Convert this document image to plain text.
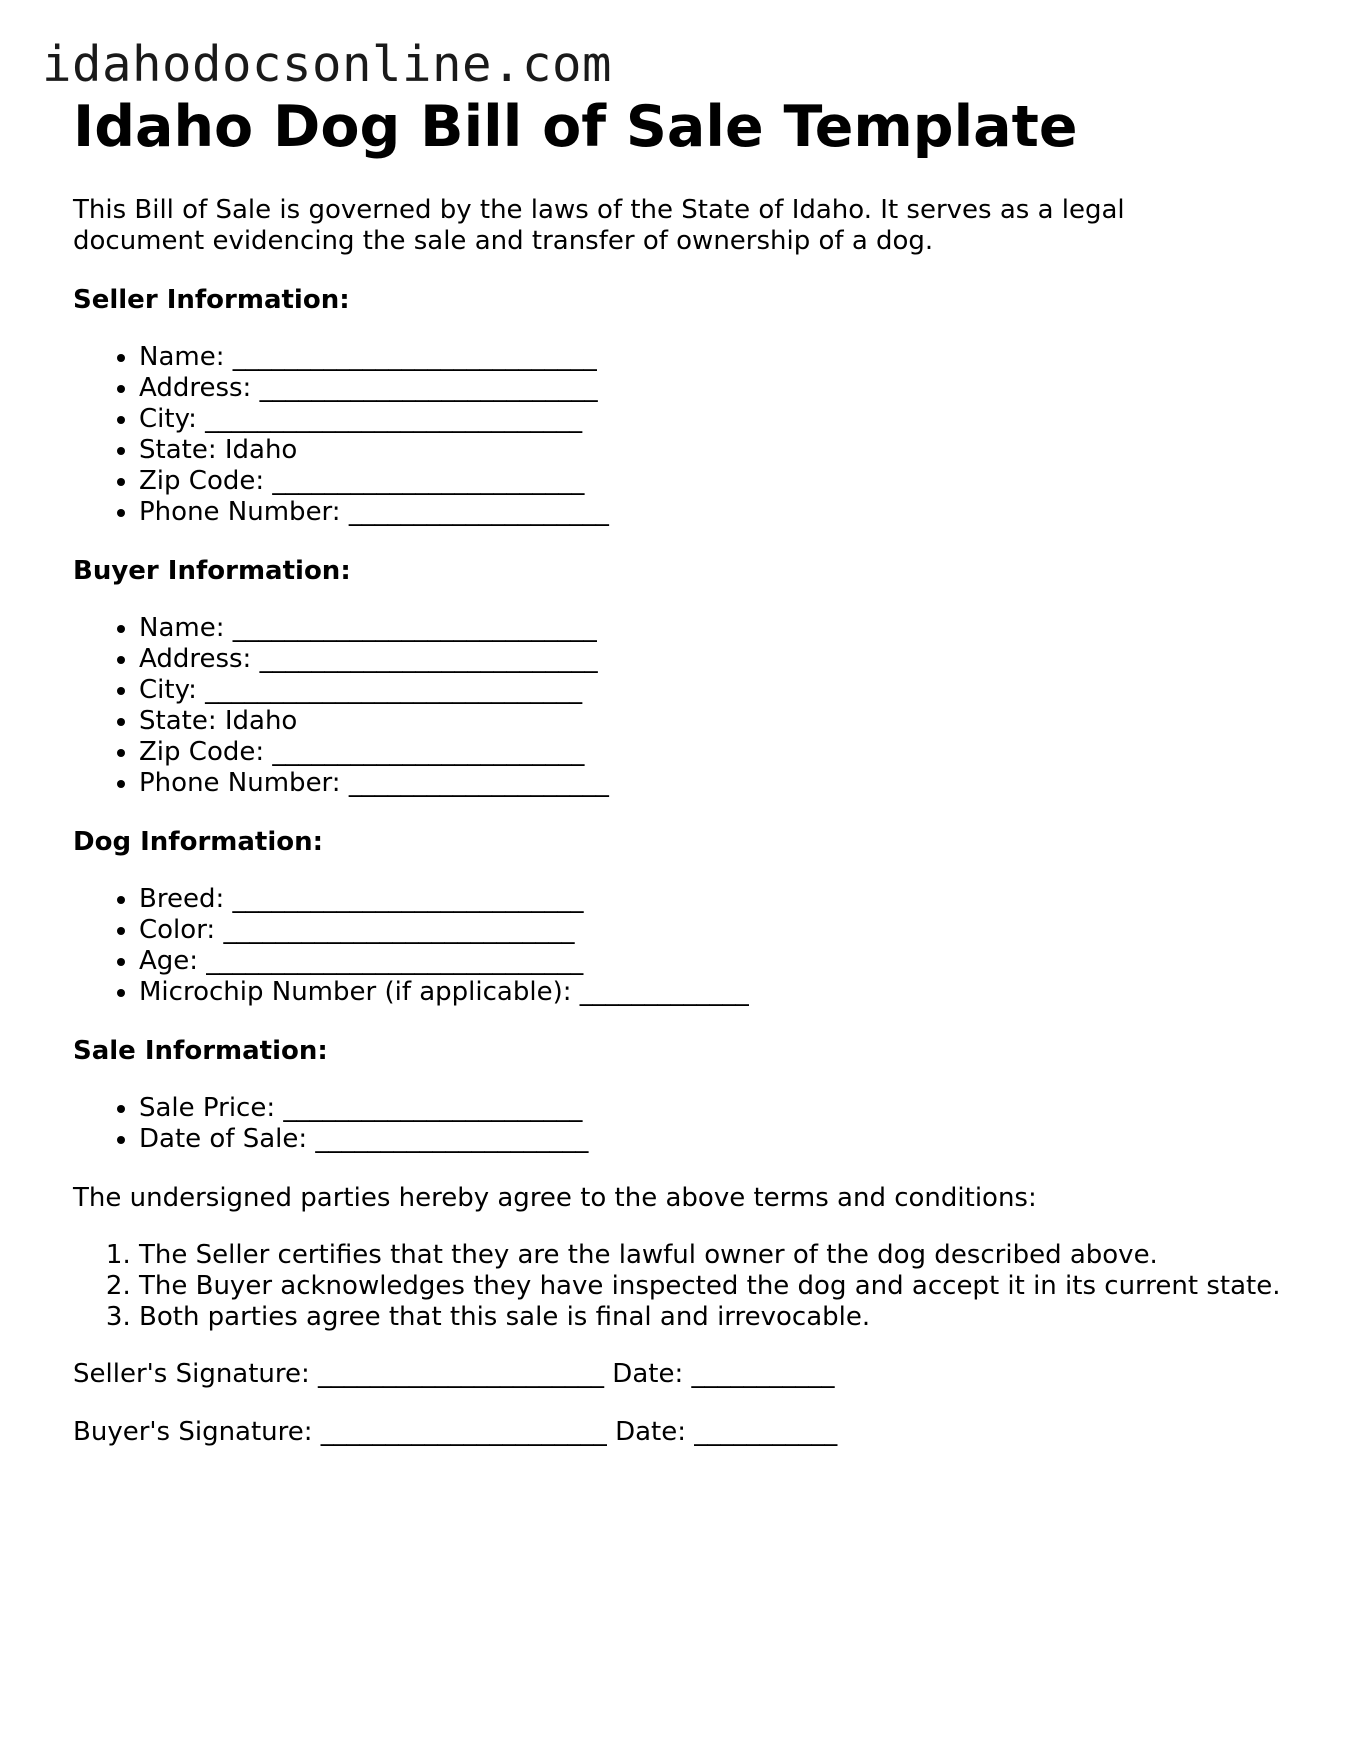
idahodocsonline.com
Idaho Dog Bill of Sale Template

This Bill of Sale is governed by the laws of the State of Idaho. It serves as a legal document evidencing the sale and transfer of ownership of a dog.

Seller Information:
• Name: ____________________________
• Address: __________________________
• City: _____________________________
• State: Idaho
• Zip Code: ________________________
• Phone Number: ____________________
Buyer Information:
• Name: ____________________________
• Address: __________________________
• City: _____________________________
• State: Idaho
• Zip Code: ________________________
• Phone Number: ____________________
Dog Information:
• Breed: ___________________________
• Color: ___________________________
• Age: _____________________________
• Microchip Number (if applicable): _____________
Sale Information:
• Sale Price: _______________________
• Date of Sale: _____________________

The undersigned parties hereby agree to the above terms and conditions:

1. The Seller certifies that they are the lawful owner of the dog described above.
2. The Buyer acknowledges they have inspected the dog and accept it in its current state.
3. Both parties agree that this sale is final and irrevocable.

Seller's Signature: ______________________ Date: ___________

Buyer's Signature: ______________________ Date: ___________
